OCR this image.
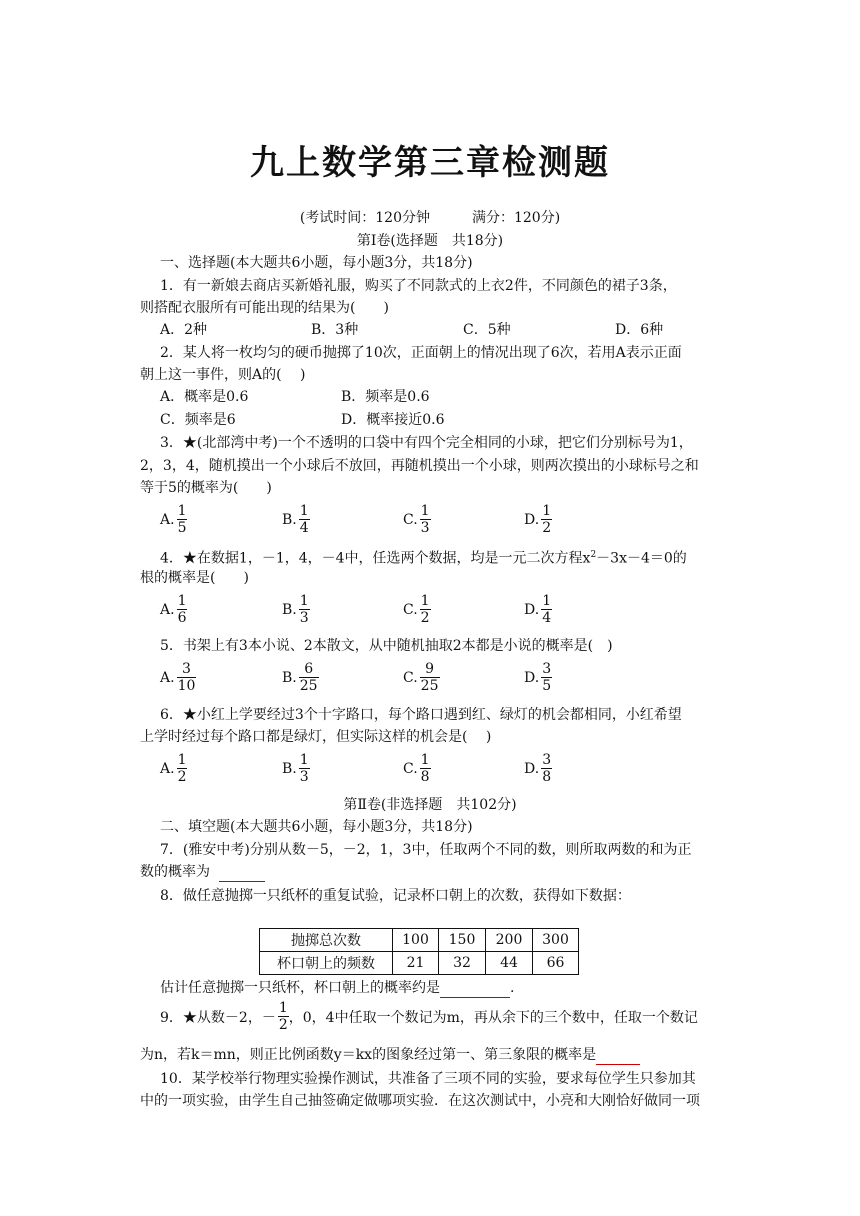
九上数学第三章检测题
(考试时间：120分钟　　　满分：120分)
第Ⅰ卷(选择题　共18分)
一、选择题(本大题共6小题，每小题3分，共18分)
1．有一新娘去商店买新婚礼服，购买了不同款式的上衣2件，不同颜色的裙子3条，
则搭配衣服所有可能出现的结果为(　　)
A．2种	B．3种	C．5种	D．6种
2．某人将一枚均匀的硬币抛掷了10次，正面朝上的情况出现了6次，若用A表示正面
朝上这一事件，则A的(　 )
A．概率是0.6	B．频率是0.6
C．频率是6	D．概率接近0.6
3．★(北部湾中考)一个不透明的口袋中有四个完全相同的小球，把它们分别标号为1，
2，3，4，随机摸出一个小球后不放回，再随机摸出一个小球，则两次摸出的小球标号之和
等于5的概率为(　　)
A. $\frac{1}{5}$	B. $\frac{1}{4}$	C. $\frac{1}{3}$	D. $\frac{1}{2}$
4．★在数据1，－1，4，－4中，任选两个数据，均是一元二次方程$x^2-3x-4=0$的
根的概率是(　　)
A. $\frac{1}{6}$	B. $\frac{1}{3}$	C. $\frac{1}{2}$	D. $\frac{1}{4}$
5．书架上有3本小说、2本散文，从中随机抽取2本都是小说的概率是(　)
A. $\frac{3}{10}$	B. $\frac{6}{25}$	C. $\frac{9}{25}$	D. $\frac{3}{5}$
6．★小红上学要经过3个十字路口，每个路口遇到红、绿灯的机会都相同，小红希望
上学时经过每个路口都是绿灯，但实际这样的机会是(　 )
A. $\frac{1}{2}$	B. $\frac{1}{3}$	C. $\frac{1}{8}$	D. $\frac{3}{8}$
第Ⅱ卷(非选择题　共102分)
二、填空题(本大题共6小题，每小题3分，共18分)
7．(雅安中考)分别从数－5，－2，1，3中，任取两个不同的数，则所取两数的和为正
数的概率为
8．做任意抛掷一只纸杯的重复试验，记录杯口朝上的次数，获得如下数据：
抛掷总次数	100	150	200	300
杯口朝上的频数	21	32	44	66
估计任意抛掷一只纸杯，杯口朝上的概率约是	.
9．★从数－2，－ $\frac{1}{2}$ ，0，4中任取一个数记为m，再从余下的三个数中，任取一个数记
为n，若k＝mn，则正比例函数y＝kx的图象经过第一、第三象限的概率是
10．某学校举行物理实验操作测试，共准备了三项不同的实验，要求每位学生只参加其
中的一项实验，由学生自己抽签确定做哪项实验．在这次测试中，小亮和大刚恰好做同一项
